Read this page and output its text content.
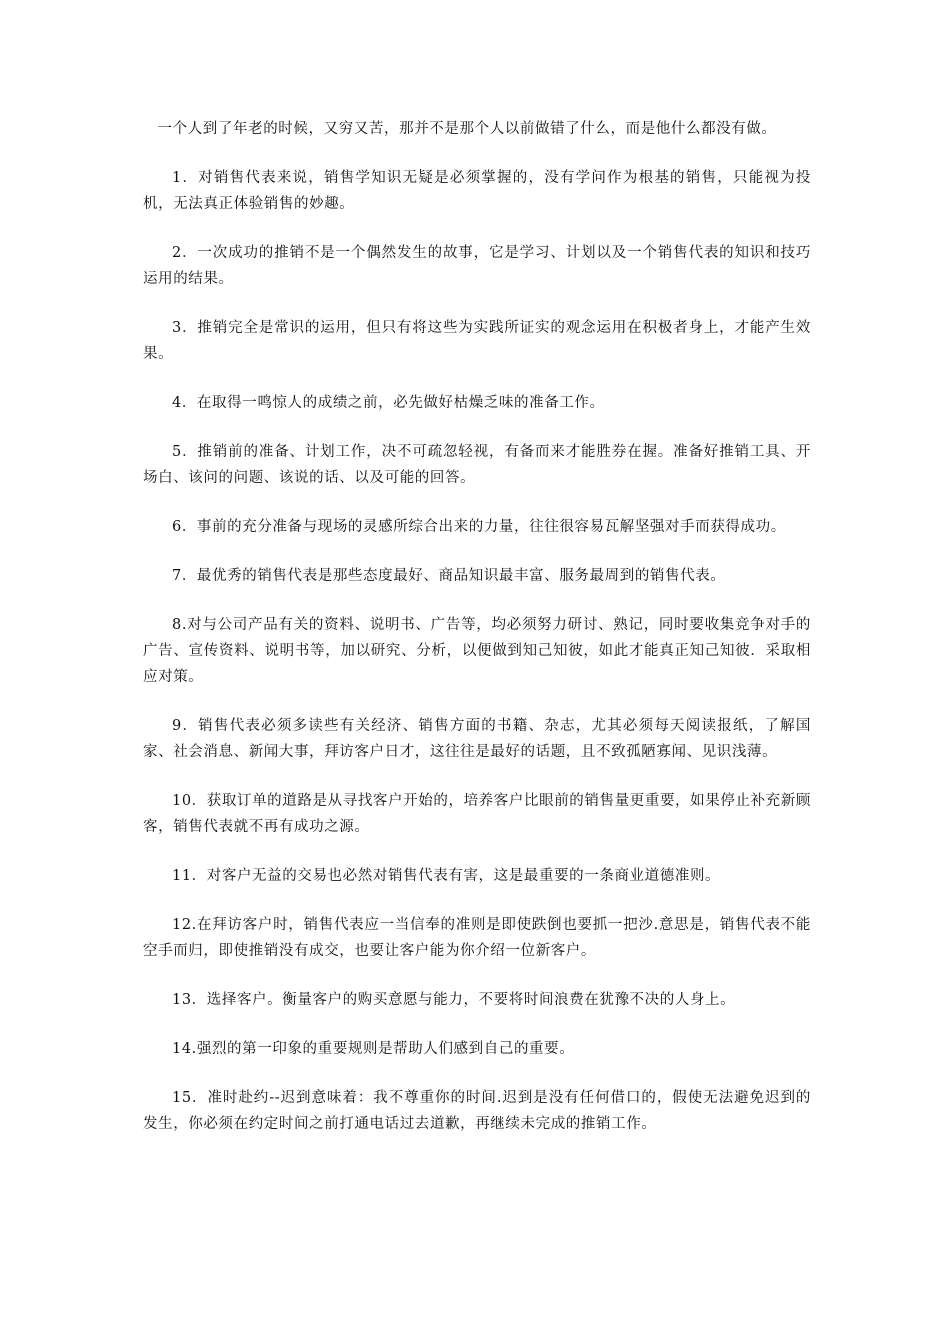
一个人到了年老的时候，又穷又苦，那并不是那个人以前做错了什么，而是他什么都没有做。

1．对销售代表来说，销售学知识无疑是必须掌握的，没有学问作为根基的销售，只能视为投机，无法真正体验销售的妙趣。

2．一次成功的推销不是一个偶然发生的故事，它是学习、计划以及一个销售代表的知识和技巧运用的结果。

3．推销完全是常识的运用，但只有将这些为实践所证实的观念运用在积极者身上，才能产生效果。

4．在取得一鸣惊人的成绩之前，必先做好枯燥乏味的准备工作。

5．推销前的准备、计划工作，决不可疏忽轻视，有备而来才能胜券在握。准备好推销工具、开场白、该问的问题、该说的话、以及可能的回答。

6．事前的充分准备与现场的灵感所综合出来的力量，往往很容易瓦解坚强对手而获得成功。

7．最优秀的销售代表是那些态度最好、商品知识最丰富、服务最周到的销售代表。

8.对与公司产品有关的资料、说明书、广告等，均必须努力研讨、熟记，同时要收集竞争对手的广告、宣传资料、说明书等，加以研究、分析，以便做到知己知彼，如此才能真正知己知彼．采取相应对策。

9．销售代表必须多读些有关经济、销售方面的书籍、杂志，尤其必须每天阅读报纸，了解国家、社会消息、新闻大事，拜访客户日才，这往往是最好的话题，且不致孤陋寡闻、见识浅薄。

10．获取订单的道路是从寻找客户开始的，培养客户比眼前的销售量更重要，如果停止补充新顾客，销售代表就不再有成功之源。

11．对客户无益的交易也必然对销售代表有害，这是最重要的一条商业道德准则。

12.在拜访客户时，销售代表应一当信奉的准则是即使跌倒也要抓一把沙.意思是，销售代表不能空手而归，即使推销没有成交，也要让客户能为你介绍一位新客户。

13．选择客户。衡量客户的购买意愿与能力，不要将时间浪费在犹豫不决的人身上。

14.强烈的第一印象的重要规则是帮助人们感到自己的重要。

15．准时赴约--迟到意味着：我不尊重你的时间.迟到是没有任何借口的，假使无法避免迟到的发生，你必须在约定时间之前打通电话过去道歉，再继续未完成的推销工作。
